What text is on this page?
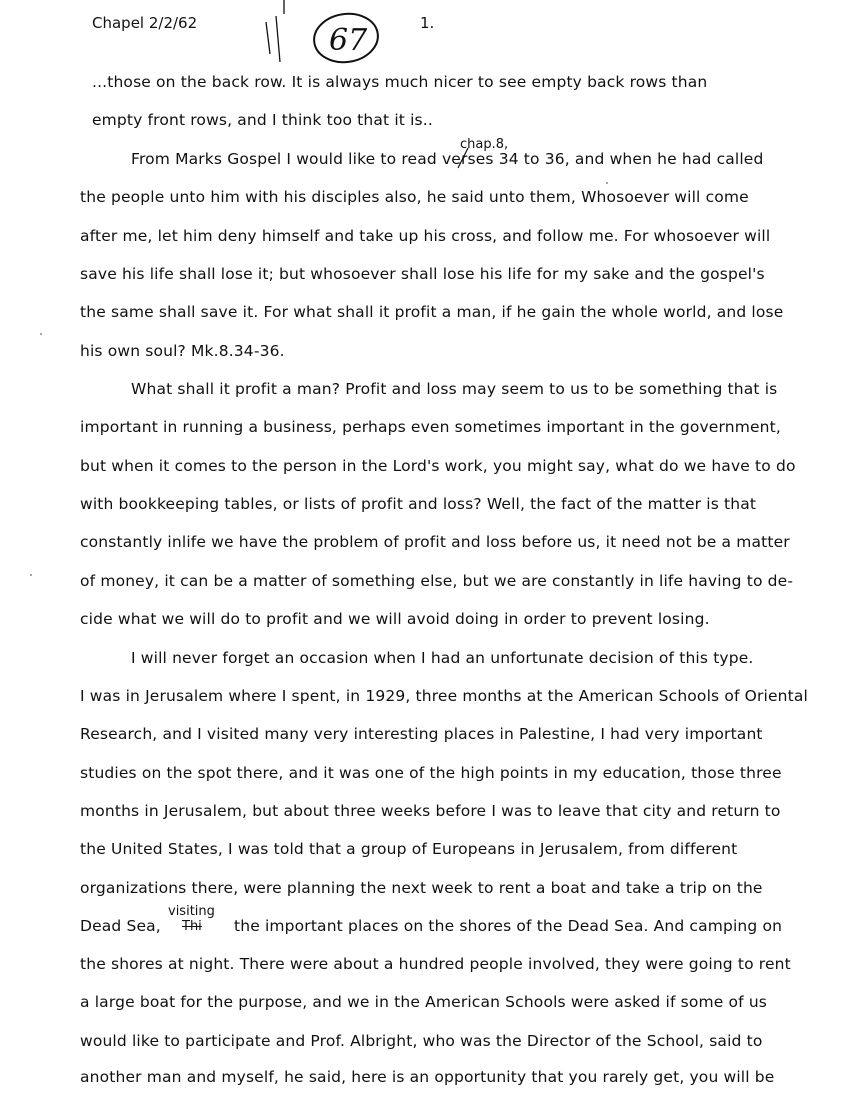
Chapel 2/2/62	1.
67
...those on the back row. It is always much nicer to see empty back rows than
empty front rows, and I think too that it is..
chap.8,
From Marks Gospel I would like to read verses 34 to 36, and when he had called
the people unto him with his disciples also, he said unto them, Whosoever will come
after me, let him deny himself and take up his cross, and follow me. For whosoever will
save his life shall lose it; but whosoever shall lose his life for my sake and the gospel's
the same shall save it. For what shall it profit a man, if he gain the whole world, and lose
his own soul? Mk.8.34-36.
What shall it profit a man? Profit and loss may seem to us to be something that is
important in running a business, perhaps even sometimes important in the government,
but when it comes to the person in the Lord's work, you might say, what do we have to do
with bookkeeping tables, or lists of profit and loss? Well, the fact of the matter is that
constantly inlife we have the problem of profit and loss before us, it need not be a matter
of money, it can be a matter of something else, but we are constantly in life having to de-
cide what we will do to profit and we will avoid doing in order to prevent losing.
I will never forget an occasion when I had an unfortunate decision of this type.
I was in Jerusalem where I spent, in 1929, three months at the American Schools of Oriental
Research, and I visited many very interesting places in Palestine, I had very important
studies on the spot there, and it was one of the high points in my education, those three
months in Jerusalem, but about three weeks before I was to leave that city and return to
the United States, I was told that a group of Europeans in Jerusalem, from different
organizations there, were planning the next week to rent a boat and take a trip on the
visiting
Dead Sea, Thi the important places on the shores of the Dead Sea. And camping on
the shores at night. There were about a hundred people involved, they were going to rent
a large boat for the purpose, and we in the American Schools were asked if some of us
would like to participate and Prof. Albright, who was the Director of the School, said to
another man and myself, he said, here is an opportunity that you rarely get, you will be
